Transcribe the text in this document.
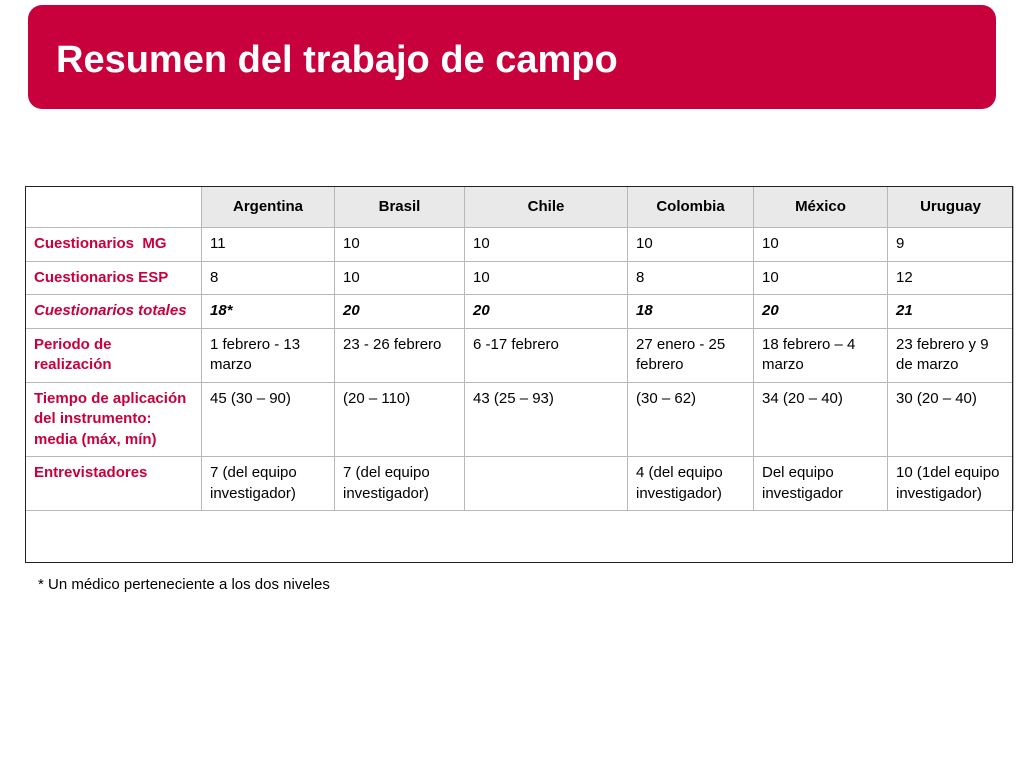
Resumen del trabajo de campo
	Argentina	Brasil	Chile	Colombia	México	Uruguay
Cuestionarios  MG	11	10	10	10	10	9
Cuestionarios ESP	8	10	10	8	10	12
Cuestionarios totales	18*	20	20	18	20	21
Periodo de realización	1 febrero - 13 marzo	23 - 26 febrero	6 -17 febrero	27 enero - 25 febrero	18 febrero – 4 marzo	23 febrero y 9 de marzo
Tiempo de aplicación del instrumento: media (máx, mín)	45 (30 – 90)	(20 – 110)	43 (25 – 93)	(30 – 62)	34 (20 – 40)	30 (20 – 40)
Entrevistadores	7 (del equipo investigador)	7 (del equipo investigador)		4 (del equipo investigador)	Del equipo investigador	10 (1del equipo investigador)
* Un médico perteneciente a los dos niveles
